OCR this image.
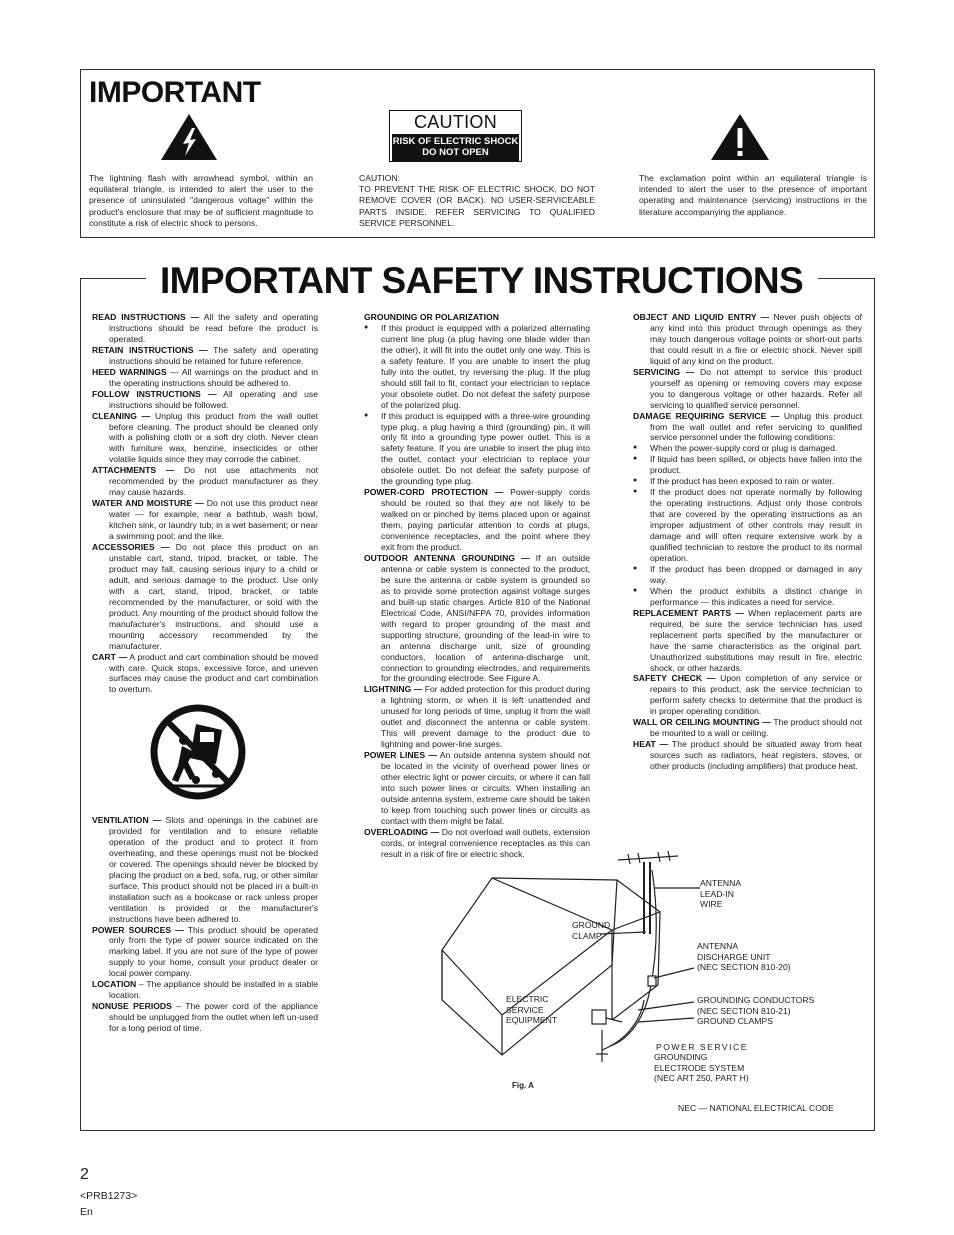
IMPORTANT
CAUTION
RISK OF ELECTRIC SHOCK
DO NOT OPEN
The lightning flash with arrowhead symbol, within an equilateral triangle, is intended to alert the user to the presence of uninsulated "dangerous voltage" within the product's enclosure that may be of sufficient magnitude to constitute a risk of electric shock to persons.
CAUTION:
TO PREVENT THE RISK OF ELECTRIC SHOCK, DO NOT REMOVE COVER (OR BACK). NO USER-SERVICEABLE PARTS INSIDE. REFER SERVICING TO QUALIFIED SERVICE PERSONNEL.
The exclamation point within an equilateral triangle is intended to alert the user to the presence of important operating and maintenance (servicing) instructions in the literature accompanying the appliance.
IMPORTANT SAFETY INSTRUCTIONS
READ INSTRUCTIONS — All the safety and operating instructions should be read before the product is operated.
RETAIN INSTRUCTIONS — The safety and operating instructions should be retained for future reference.
HEED WARNINGS — All warnings on the product and in the operating instructions should be adhered to.
FOLLOW INSTRUCTIONS — All operating and use instructions should be followed.
CLEANING — Unplug this product from the wall outlet before cleaning. The product should be cleaned only with a polishing cloth or a soft dry cloth. Never clean with furniture wax, benzine, insecticides or other volatile liquids since they may corrode the cabinet.
ATTACHMENTS — Do not use attachments not recommended by the product manufacturer as they may cause hazards.
WATER AND MOISTURE — Do not use this product near water — for example, near a bathtub, wash bowl, kitchen sink, or laundry tub; in a wet basement; or near a swimming pool; and the like.
ACCESSORIES — Do not place this product on an unstable cart, stand, tripod, bracket, or table. The product may fall, causing serious injury to a child or adult, and serious damage to the product. Use only with a cart, stand, tripod, bracket, or table recommended by the manufacturer, or sold with the product. Any mounting of the product should follow the manufacturer's instructions, and should use a mounting accessory recommended by the manufacturer.
CART — A product and cart combination should be moved with care. Quick stops, excessive force, and uneven surfaces may cause the product and cart combination to overturn.
VENTILATION — Slots and openings in the cabinet are provided for ventilation and to ensure reliable operation of the product and to protect it from overheating, and these openings must not be blocked or covered. The openings should never be blocked by placing the product on a bed, sofa, rug, or other similar surface. This product should not be placed in a built-in installation such as a bookcase or rack unless proper ventilation is provided or the manufacturer's instructions have been adhered to.
POWER SOURCES — This product should be operated only from the type of power source indicated on the marking label. If you are not sure of the type of power supply to your home, consult your product dealer or local power company.
LOCATION – The appliance should be installed in a stable location.
NONUSE PERIODS – The power cord of the appliance should be unplugged from the outlet when left un-used for a long period of time.
GROUNDING OR POLARIZATION
● If this product is equipped with a polarized alternating current line plug (a plug having one blade wider than the other), it will fit into the outlet only one way. This is a safety feature. If you are unable to insert the plug fully into the outlet, try reversing the plug. If the plug should still fail to fit, contact your electrician to replace your obsolete outlet. Do not defeat the safety purpose of the polarized plug.
● If this product is equipped with a three-wire grounding type plug, a plug having a third (grounding) pin, it will only fit into a grounding type power outlet. This is a safety feature. If you are unable to insert the plug into the outlet, contact your electrician to replace your obsolete outlet. Do not defeat the safety purpose of the grounding type plug.
POWER-CORD PROTECTION — Power-supply cords should be routed so that they are not likely to be walked on or pinched by items placed upon or against them, paying particular attention to cords at plugs, convenience receptacles, and the point where they exit from the product.
OUTDOOR ANTENNA GROUNDING — If an outside antenna or cable system is connected to the product, be sure the antenna or cable system is grounded so as to provide some protection against voltage surges and built-up static charges. Article 810 of the National Electrical Code, ANSI/NFPA 70, provides information with regard to proper grounding of the mast and supporting structure, grounding of the lead-in wire to an antenna discharge unit, size of grounding conductors, location of antenna-discharge unit, connection to grounding electrodes, and requirements for the grounding electrode. See Figure A.
LIGHTNING — For added protection for this product during a lightning storm, or when it is left unattended and unused for long periods of time, unplug it from the wall outlet and disconnect the antenna or cable system. This will prevent damage to the product due to lightning and power-line surges.
POWER LINES — An outside antenna system should not be located in the vicinity of overhead power lines or other electric light or power circuits, or where it can fall into such power lines or circuits. When installing an outside antenna system, extreme care should be taken to keep from touching such power lines or circuits as contact with them might be fatal.
OVERLOADING — Do not overload wall outlets, extension cords, or integral convenience receptacles as this can result in a risk of fire or electric shock.
OBJECT AND LIQUID ENTRY — Never push objects of any kind into this product through openings as they may touch dangerous voltage points or short-out parts that could result in a fire or electric shock. Never spill liquid of any kind on the product.
SERVICING — Do not attempt to service this product yourself as opening or removing covers may expose you to dangerous voltage or other hazards. Refer all servicing to qualified service personnel.
DAMAGE REQUIRING SERVICE — Unplug this product from the wall outlet and refer servicing to qualified service personnel under the following conditions:
● When the power-supply cord or plug is damaged.
● If liquid has been spilled, or objects have fallen into the product.
● If the product has been exposed to rain or water.
● If the product does not operate normally by following the operating instructions. Adjust only those controls that are covered by the operating instructions as an improper adjustment of other controls may result in damage and will often require extensive work by a qualified technician to restore the product to its normal operation.
● If the product has been dropped or damaged in any way.
● When the product exhibits a distinct change in performance — this indicates a need for service.
REPLACEMENT PARTS — When replacement parts are required, be sure the service technician has used replacement parts specified by the manufacturer or have the same characteristics as the original part. Unauthorized substitutions may result in fire, electric shock, or other hazards.
SAFETY CHECK — Upon completion of any service or repairs to this product, ask the service technician to perform safety checks to determine that the product is in proper operating condition.
WALL OR CEILING MOUNTING — The product should not be mounted to a wall or ceiling.
HEAT — The product should be situated away from heat sources such as radiators, heat registers, stoves, or other products (including amplifiers) that produce heat.
ANTENNA
LEAD-IN
WIRE
GROUND
CLAMP
ANTENNA
DISCHARGE UNIT
(NEC SECTION 810-20)
ELECTRIC
SERVICE
EQUIPMENT
GROUNDING CONDUCTORS
(NEC SECTION 810-21)
GROUND CLAMPS
POWER SERVICE
GROUNDING
ELECTRODE SYSTEM
(NEC ART 250, PART H)
Fig. A
NEC — NATIONAL ELECTRICAL CODE
2
<PRB1273>
En
